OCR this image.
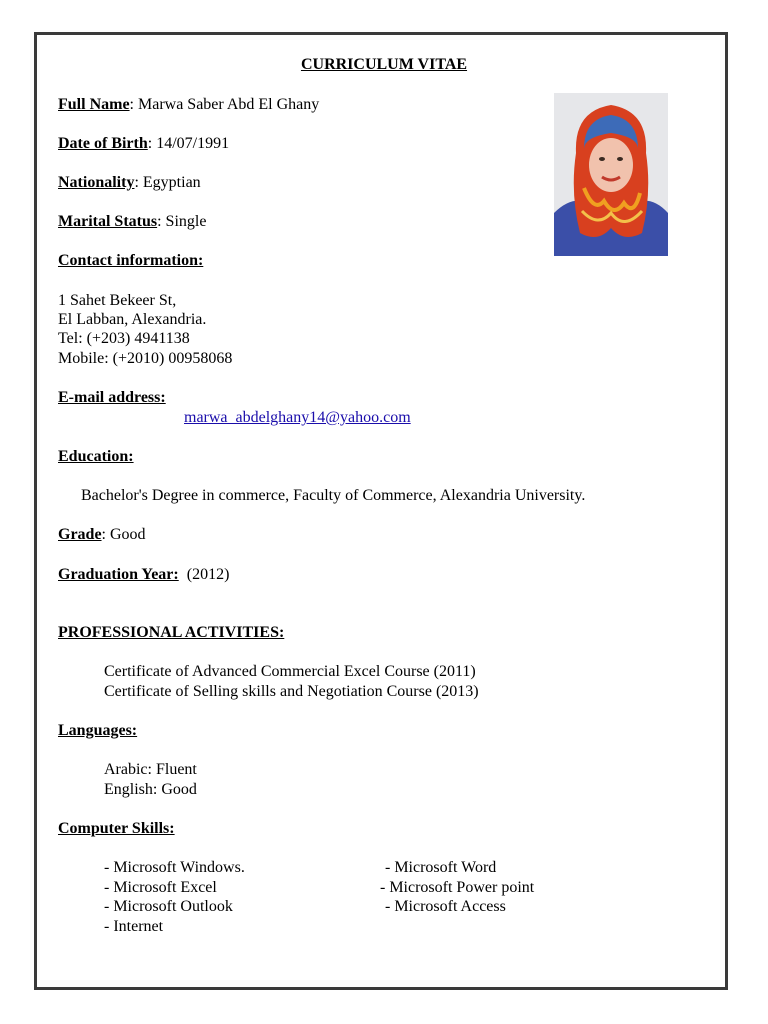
CURRICULUM VITAE
Full Name: Marwa Saber Abd El Ghany
Date of Birth: 14/07/1991
Nationality: Egyptian
Marital Status: Single
Contact information:
1 Sahet Bekeer St,
El Labban, Alexandria.
Tel: (+203) 4941138
Mobile: (+2010) 00958068
E-mail address:
marwa_abdelghany14@yahoo.com
Education:
Bachelor's Degree in commerce, Faculty of Commerce, Alexandria University.
Grade: Good
Graduation Year: (2012)
PROFESSIONAL ACTIVITIES:
Certificate of Advanced Commercial Excel Course (2011)
Certificate of Selling skills and Negotiation Course (2013)
Languages:
Arabic: Fluent
English: Good
Computer Skills:
- Microsoft Windows.
- Microsoft Excel
- Microsoft Outlook
- Internet
- Microsoft Word
- Microsoft Power point
- Microsoft Access
